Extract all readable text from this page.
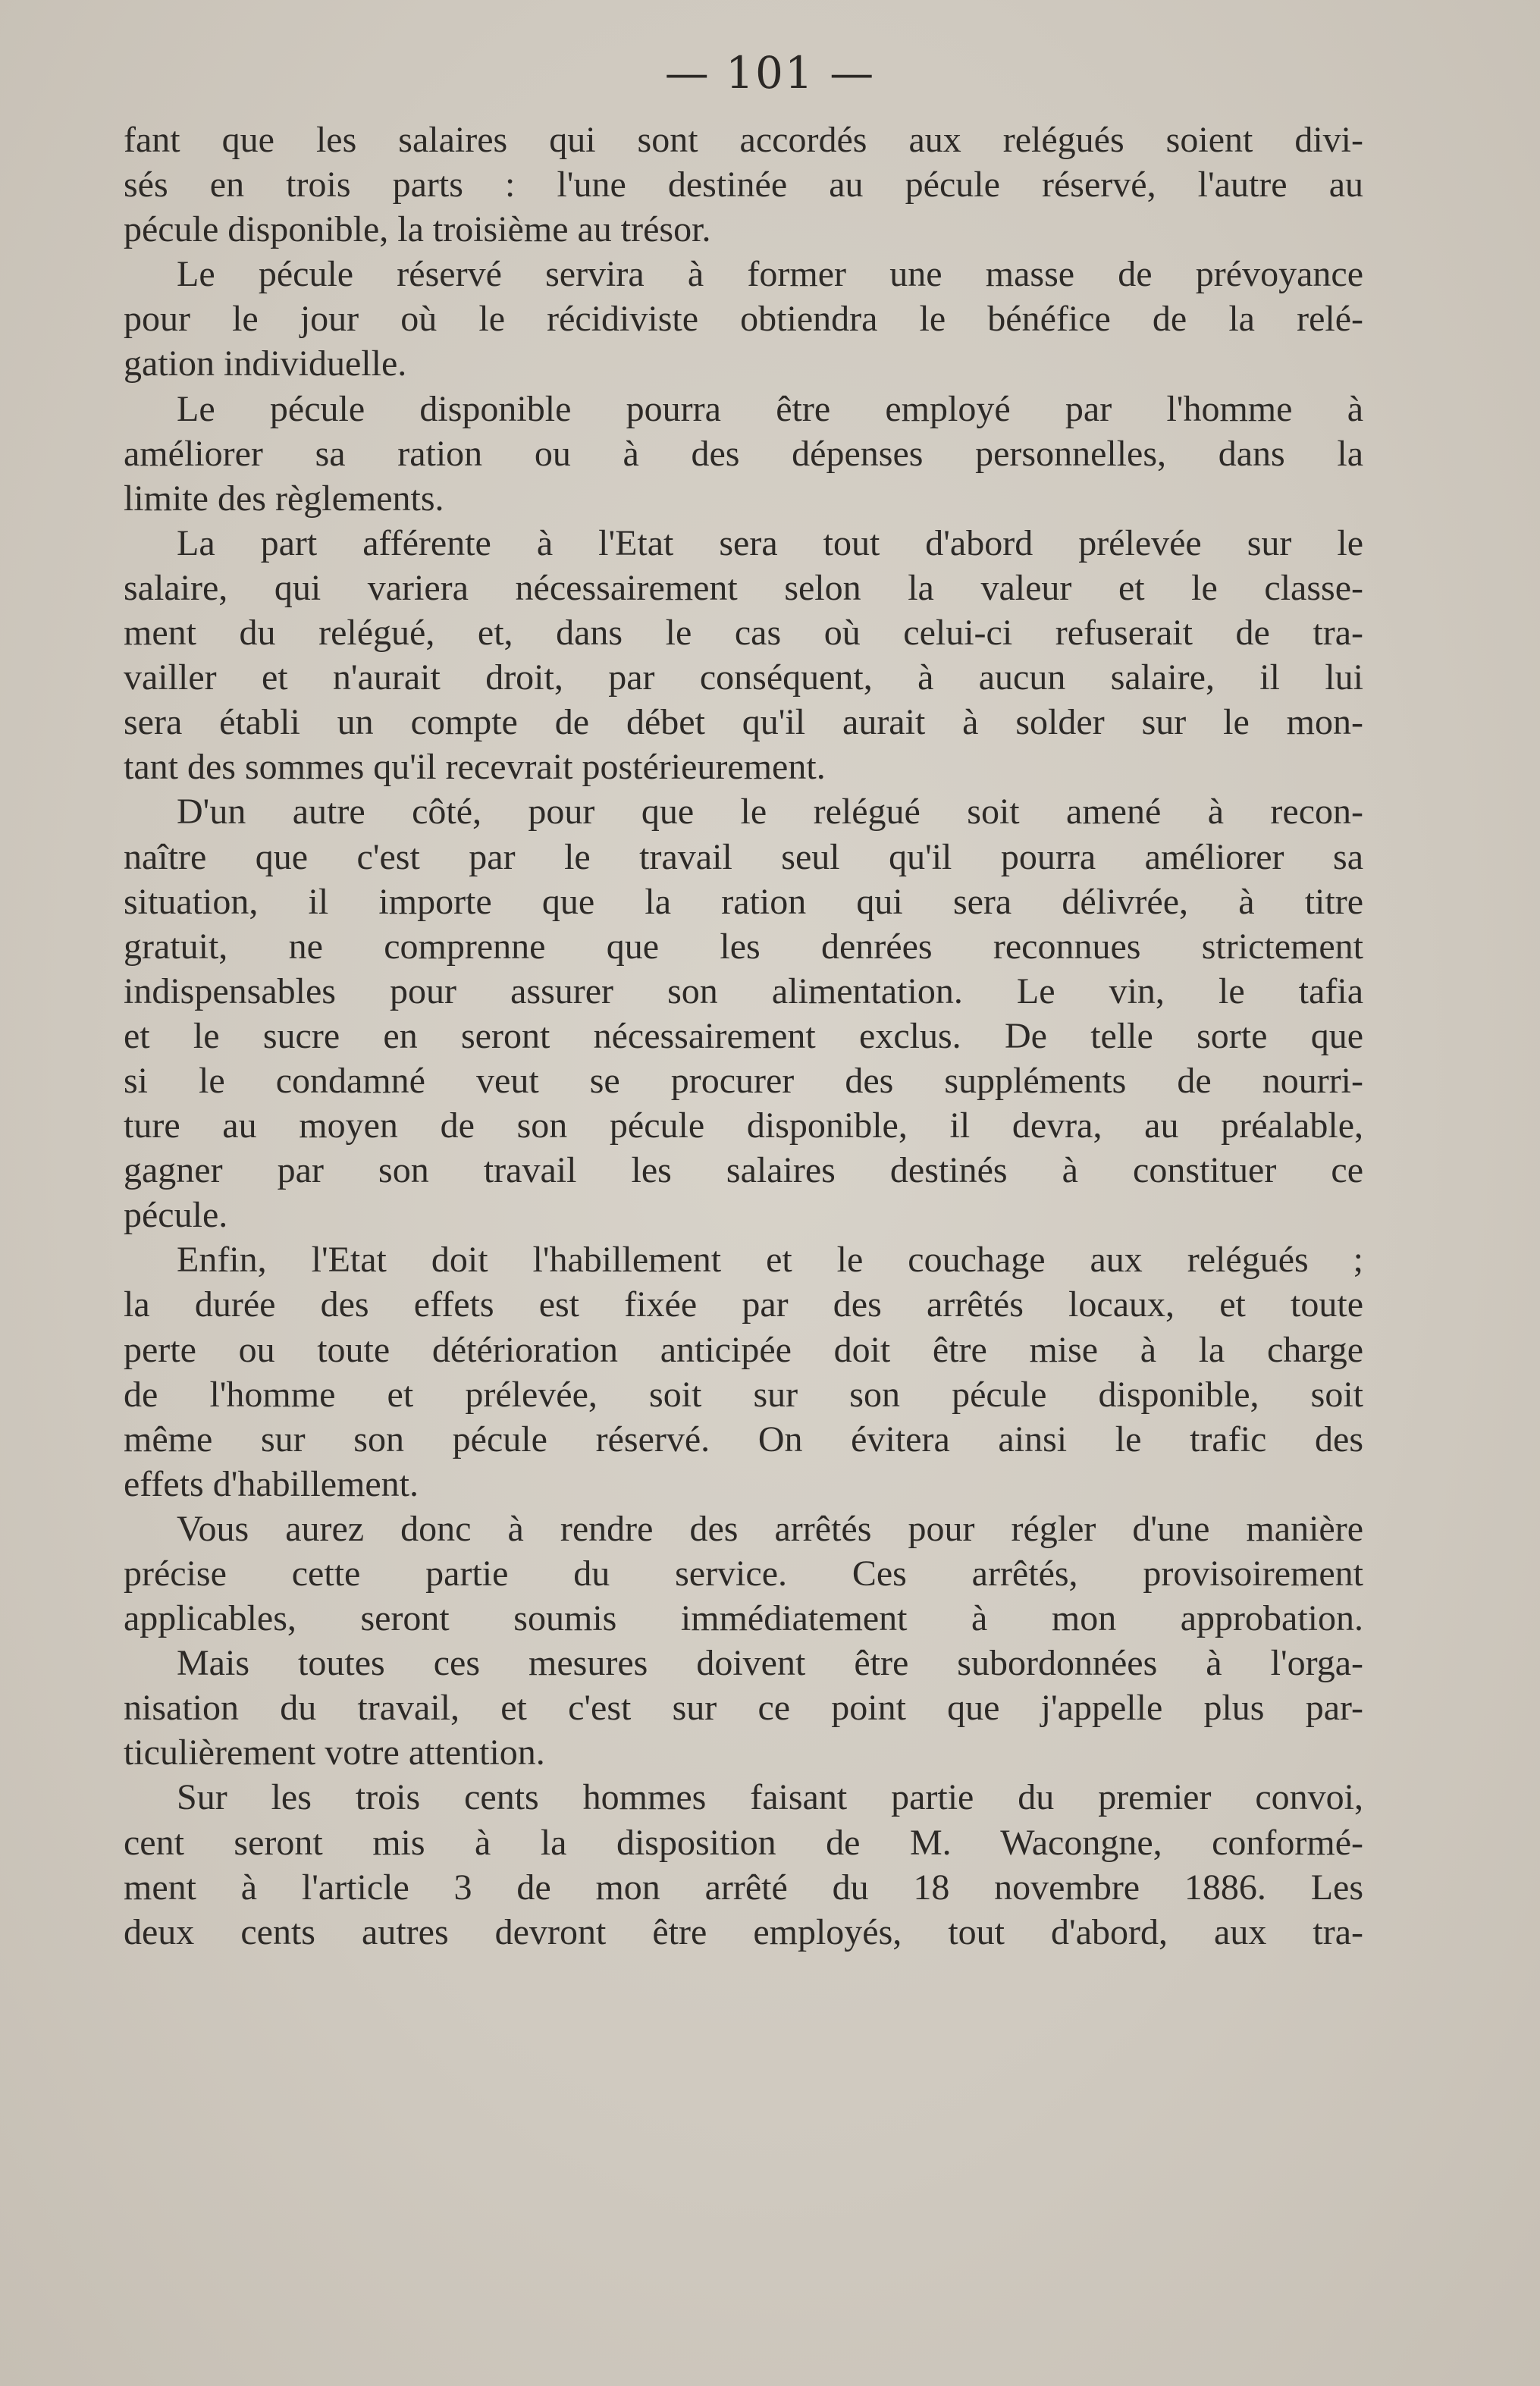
— 101 —
fant que les salaires qui sont accordés aux relégués soient divi-
sés en trois parts : l'une destinée au pécule réservé, l'autre au
pécule disponible, la troisième au trésor.
Le pécule réservé servira à former une masse de prévoyance
pour le jour où le récidiviste obtiendra le bénéfice de la relé-
gation individuelle.
Le pécule disponible pourra être employé par l'homme à
améliorer sa ration ou à des dépenses personnelles, dans la
limite des règlements.
La part afférente à l'Etat sera tout d'abord prélevée sur le
salaire, qui variera nécessairement selon la valeur et le classe-
ment du relégué, et, dans le cas où celui-ci refuserait de tra-
vailler et n'aurait droit, par conséquent, à aucun salaire, il lui
sera établi un compte de débet qu'il aurait à solder sur le mon-
tant des sommes qu'il recevrait postérieurement.
D'un autre côté, pour que le relégué soit amené à recon-
naître que c'est par le travail seul qu'il pourra améliorer sa
situation, il importe que la ration qui sera délivrée, à titre
gratuit, ne comprenne que les denrées reconnues strictement
indispensables pour assurer son alimentation. Le vin, le tafia
et le sucre en seront nécessairement exclus. De telle sorte que
si le condamné veut se procurer des suppléments de nourri-
ture au moyen de son pécule disponible, il devra, au préalable,
gagner par son travail les salaires destinés à constituer ce
pécule.
Enfin, l'Etat doit l'habillement et le couchage aux relégués ;
la durée des effets est fixée par des arrêtés locaux, et toute
perte ou toute détérioration anticipée doit être mise à la charge
de l'homme et prélevée, soit sur son pécule disponible, soit
même sur son pécule réservé. On évitera ainsi le trafic des
effets d'habillement.
Vous aurez donc à rendre des arrêtés pour régler d'une manière
précise cette partie du service. Ces arrêtés, provisoirement
applicables, seront soumis immédiatement à mon approbation.
Mais toutes ces mesures doivent être subordonnées à l'orga-
nisation du travail, et c'est sur ce point que j'appelle plus par-
ticulièrement votre attention.
Sur les trois cents hommes faisant partie du premier convoi,
cent seront mis à la disposition de M. Wacongne, conformé-
ment à l'article 3 de mon arrêté du 18 novembre 1886. Les
deux cents autres devront être employés, tout d'abord, aux tra-
